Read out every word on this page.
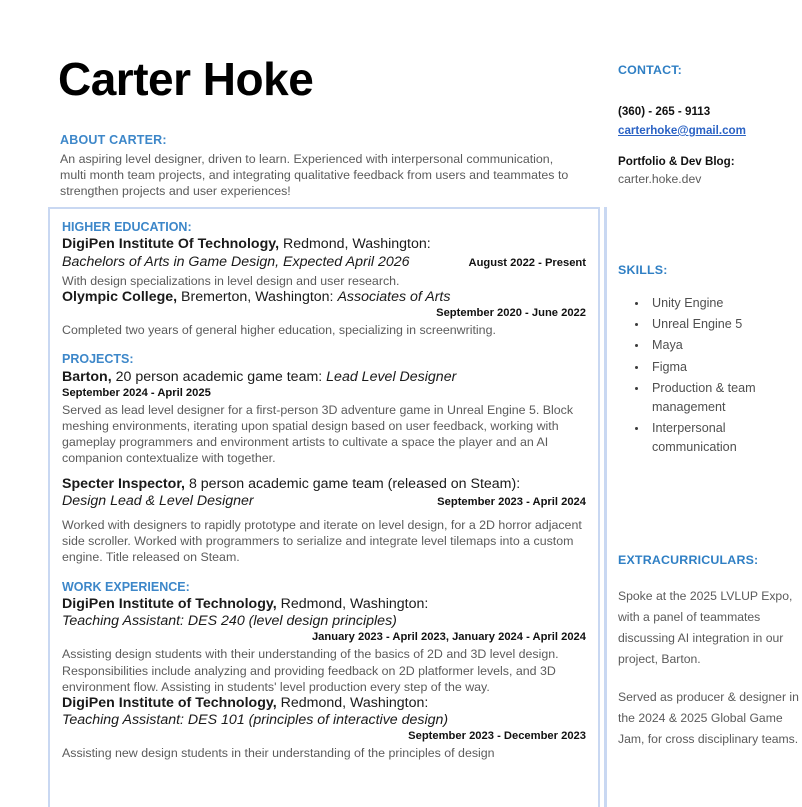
Carter Hoke
ABOUT CARTER:

An aspiring level designer, driven to learn. Experienced with interpersonal communication, multi month team projects, and integrating qualitative feedback from users and teammates to strengthen projects and user experiences!

HIGHER EDUCATION:

DigiPen Institute Of Technology, Redmond, Washington: Bachelors of Arts in Game Design, Expected April 2026	August 2022 - Present

With design specializations in level design and user research.

Olympic College, Bremerton, Washington: Associates of Arts

September 2020 - June 2022

Completed two years of general higher education, specializing in screenwriting.

PROJECTS:

Barton, 20 person academic game team: Lead Level Designer

September 2024 - April 2025

Served as lead level designer for a first-person 3D adventure game in Unreal Engine 5. Block meshing environments, iterating upon spatial design based on user feedback, working with gameplay programmers and environment artists to cultivate a space the player and an AI companion contextualize with together.

Specter Inspector, 8 person academic game team (released on Steam):

Design Lead & Level Designer	September 2023 - April 2024

Worked with designers to rapidly prototype and iterate on level design, for a 2D horror adjacent side scroller. Worked with programmers to serialize and integrate level tilemaps into a custom engine. Title released on Steam.

WORK EXPERIENCE:

DigiPen Institute of Technology, Redmond, Washington:

Teaching Assistant: DES 240 (level design principles)

January 2023 - April 2023, January 2024 - April 2024

Assisting design students with their understanding of the basics of 2D and 3D level design. Responsibilities include analyzing and providing feedback on 2D platformer levels, and 3D environment flow. Assisting in students' level production every step of the way.

DigiPen Institute of Technology, Redmond, Washington:

Teaching Assistant: DES 101 (principles of interactive design)

September 2023 - December 2023

Assisting new design students in their understanding of the principles of design

CONTACT:

(360) - 265 - 9113

carterhoke@gmail.com

Portfolio & Dev Blog:

carter.hoke.dev

SKILLS:
• Unity Engine
• Unreal Engine 5
• Maya
• Figma
• Production & team management
• Interpersonal communication
EXTRACURRICULARS:

Spoke at the 2025 LVLUP Expo, with a panel of teammates discussing AI integration in our project, Barton.

Served as producer & designer in the 2024 & 2025 Global Game Jam, for cross disciplinary teams.
